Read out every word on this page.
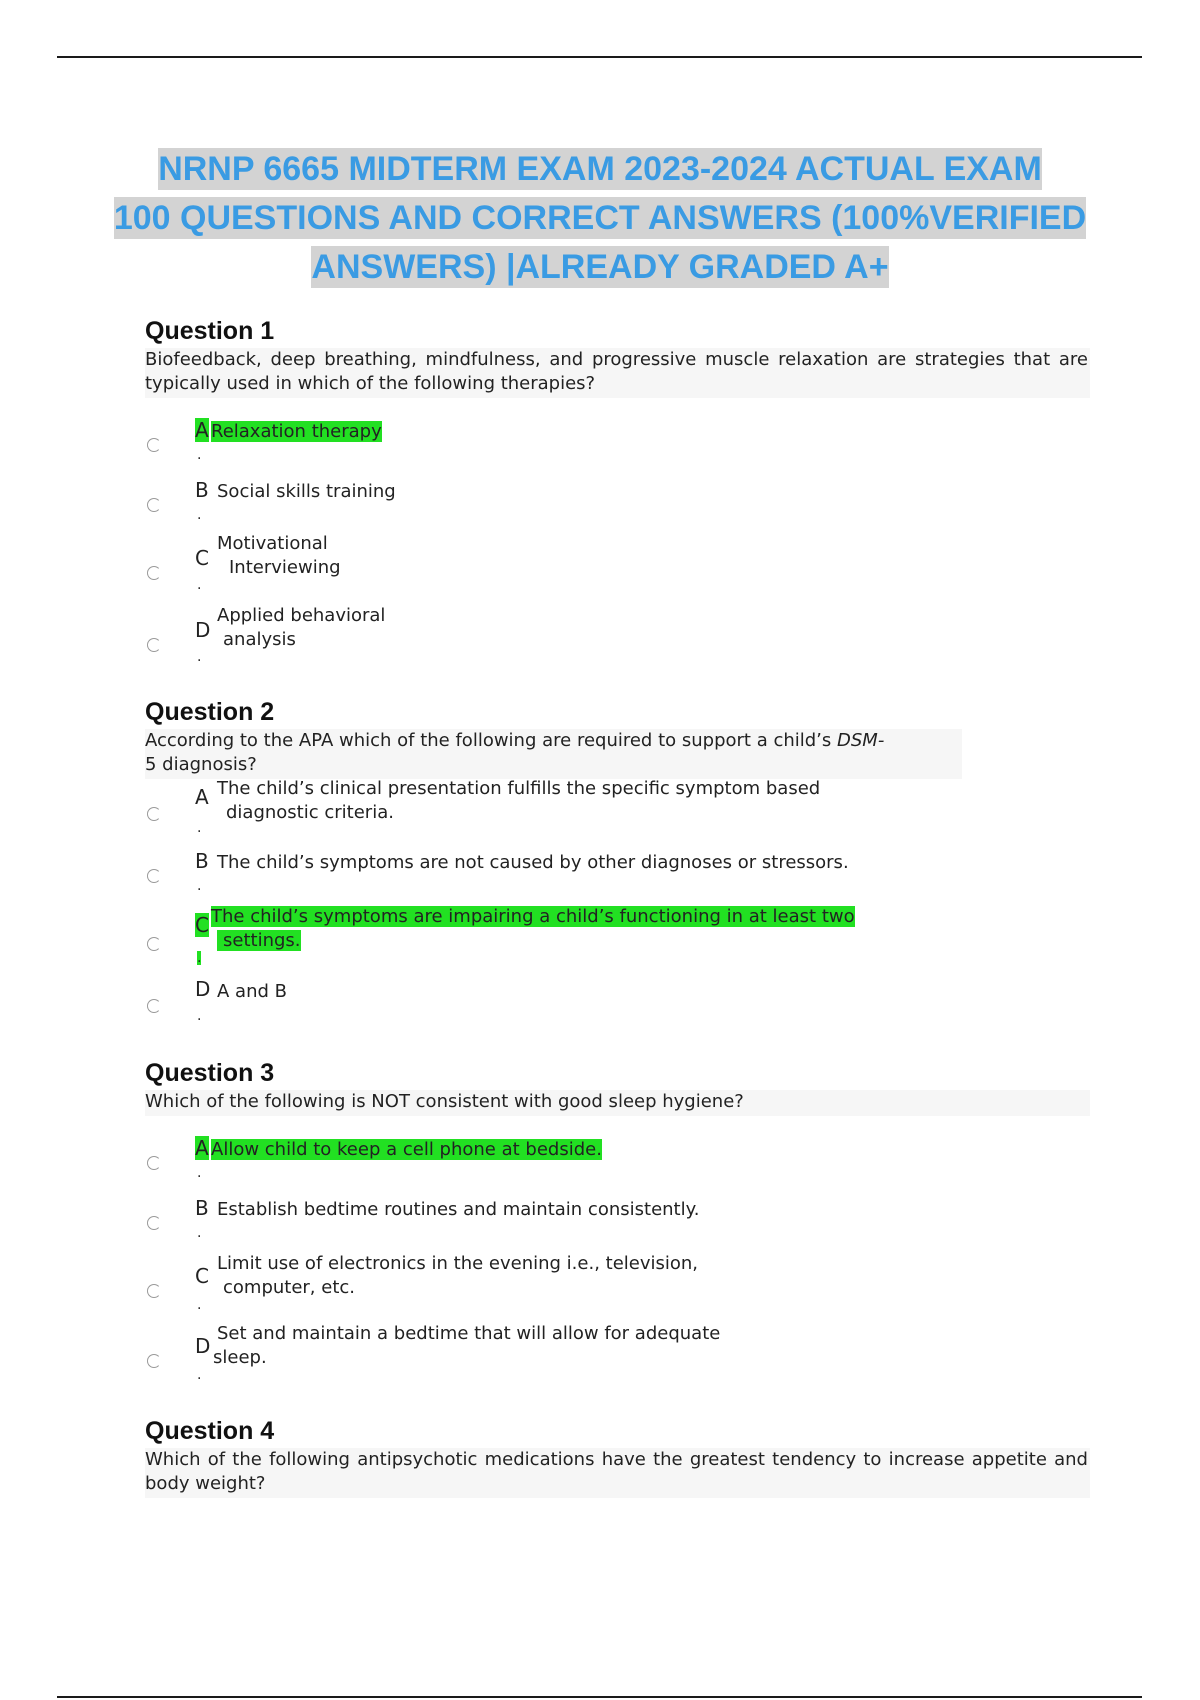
NRNP 6665 MIDTERM EXAM 2023-2024 ACTUAL EXAM
100 QUESTIONS AND CORRECT ANSWERS (100%VERIFIED
ANSWERS) |ALREADY GRADED A+
Question 1
Biofeedback, deep breathing, mindfulness, and progressive muscle relaxation are strategies that are typically used in which of the following therapies?
A Relaxation therapy
.
B Social skills training
.
C
Motivational
Interviewing
.
D
Applied behavioral
analysis
.
Question 2
According to the APA which of the following are required to support a child’s DSM-
5 diagnosis?
A The child’s clinical presentation fulfills the specific symptom based
diagnostic criteria.
.
B The child’s symptoms are not caused by other diagnoses or stressors.
.
C The child’s symptoms are impairing a child’s functioning in at least two
settings.
.
D A and B
.
Question 3
Which of the following is NOT consistent with good sleep hygiene?
A Allow child to keep a cell phone at bedside.
.
B Establish bedtime routines and maintain consistently.
.
C
Limit use of electronics in the evening i.e., television,
computer, etc.
.
D
Set and maintain a bedtime that will allow for adequate
sleep.
.
Question 4
Which of the following antipsychotic medications have the greatest tendency to increase appetite and body weight?
